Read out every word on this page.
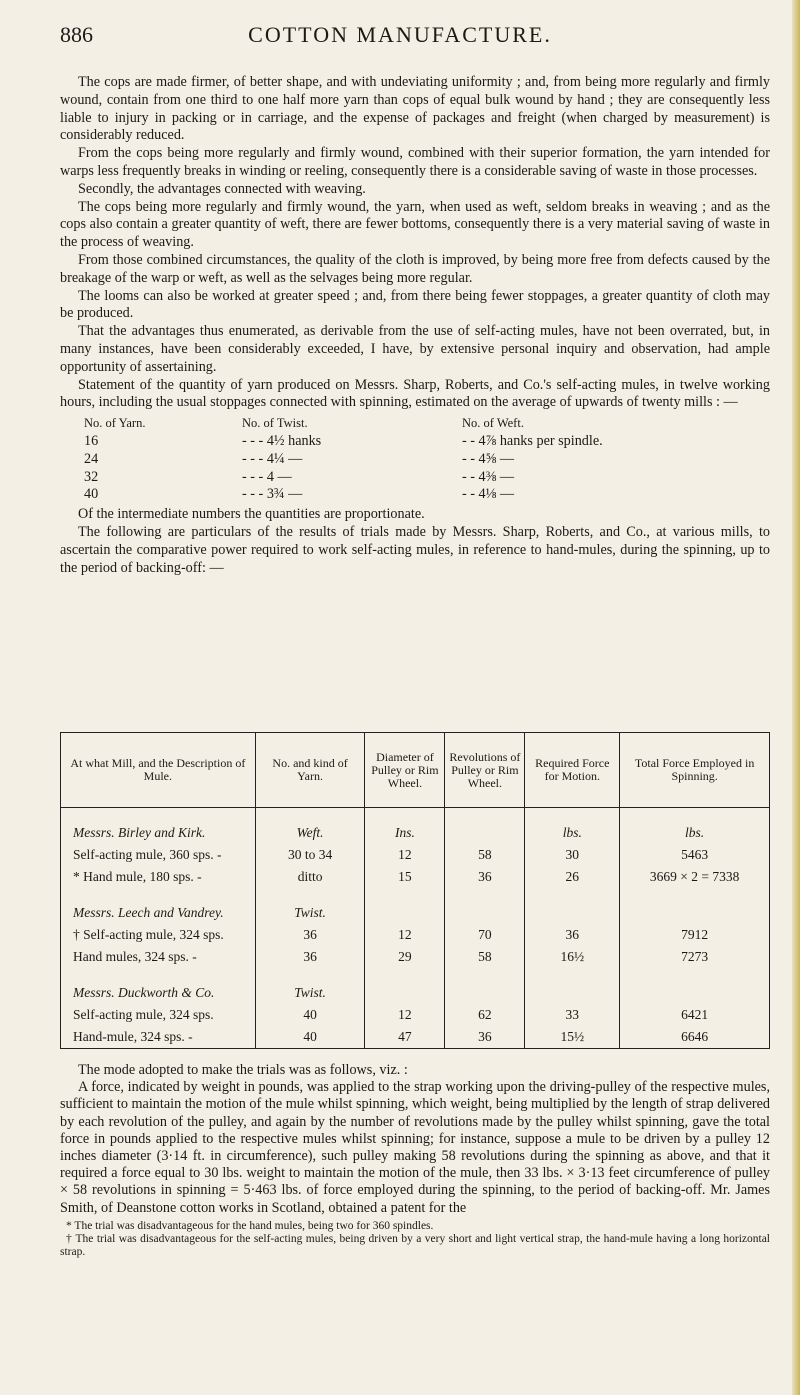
886	COTTON MANUFACTURE.

The cops are made firmer, of better shape, and with undeviating uniformity ; and, from being more regularly and firmly wound, contain from one third to one half more yarn than cops of equal bulk wound by hand ; they are consequently less liable to injury in packing or in carriage, and the expense of packages and freight (when charged by measurement) is considerably reduced.

From the cops being more regularly and firmly wound, combined with their superior formation, the yarn intended for warps less frequently breaks in winding or reeling, consequently there is a considerable saving of waste in those processes.

Secondly, the advantages connected with weaving.

The cops being more regularly and firmly wound, the yarn, when used as weft, seldom breaks in weaving ; and as the cops also contain a greater quantity of weft, there are fewer bottoms, consequently there is a very material saving of waste in the process of weaving.

From those combined circumstances, the quality of the cloth is improved, by being more free from defects caused by the breakage of the warp or weft, as well as the selvages being more regular.

The looms can also be worked at greater speed ; and, from there being fewer stoppages, a greater quantity of cloth may be produced.

That the advantages thus enumerated, as derivable from the use of self-acting mules, have not been overrated, but, in many instances, have been considerably exceeded, I have, by extensive personal inquiry and observation, had ample opportunity of assertaining.

Statement of the quantity of yarn produced on Messrs. Sharp, Roberts, and Co.'s self-acting mules, in twelve working hours, including the usual stoppages connected with spinning, estimated on the average of upwards of twenty mills : —

No. of Yarn.	No. of Twist.	No. of Weft.
16	- - - 4½ hanks	- - 4⅞ hanks per spindle.
24	- - - 4¼ —	- - 4⅝ —
32	- - - 4 —	- - 4⅜ —
40	- - - 3¾ —	- - 4⅛ —

Of the intermediate numbers the quantities are proportionate.

The following are particulars of the results of trials made by Messrs. Sharp, Roberts, and Co., at various mills, to ascertain the comparative power required to work self-acting mules, in reference to hand-mules, during the spinning, up to the period of backing-off: —

At what Mill, and the Description of Mule.	No. and kind of Yarn.	Diameter of Pulley or Rim Wheel.	Revolutions of Pulley or Rim Wheel.	Required Force for Motion.	Total Force Employed in Spinning.

Messrs. Birley and Kirk.	Weft.	Ins.		lbs.	lbs.
Self-acting mule, 360 sps. -	30 to 34	12	58	30	5463
* Hand mule, 180 sps. -	ditto	15	36	26	3669 × 2 = 7338

Messrs. Leech and Vandrey.	Twist.				
† Self-acting mule, 324 sps.	36	12	70	36	7912
Hand mules, 324 sps. -	36	29	58	16½	7273

Messrs. Duckworth & Co.	Twist.				
Self-acting mule, 324 sps.	40	12	62	33	6421
Hand-mule, 324 sps. -	40	47	36	15½	6646

The mode adopted to make the trials was as follows, viz. :

A force, indicated by weight in pounds, was applied to the strap working upon the driving-pulley of the respective mules, sufficient to maintain the motion of the mule whilst spinning, which weight, being multiplied by the length of strap delivered by each revolution of the pulley, and again by the number of revolutions made by the pulley whilst spinning, gave the total force in pounds applied to the respective mules whilst spinning; for instance, suppose a mule to be driven by a pulley 12 inches diameter (3·14 ft. in circumference), such pulley making 58 revolutions during the spinning as above, and that it required a force equal to 30 lbs. weight to maintain the motion of the mule, then 33 lbs. × 3·13 feet circumference of pulley × 58 revolutions in spinning = 5·463 lbs. of force employed during the spinning, to the period of backing-off. Mr. James Smith, of Deanstone cotton works in Scotland, obtained a patent for the

* The trial was disadvantageous for the hand mules, being two for 360 spindles.

† The trial was disadvantageous for the self-acting mules, being driven by a very short and light vertical strap, the hand-mule having a long horizontal strap.
